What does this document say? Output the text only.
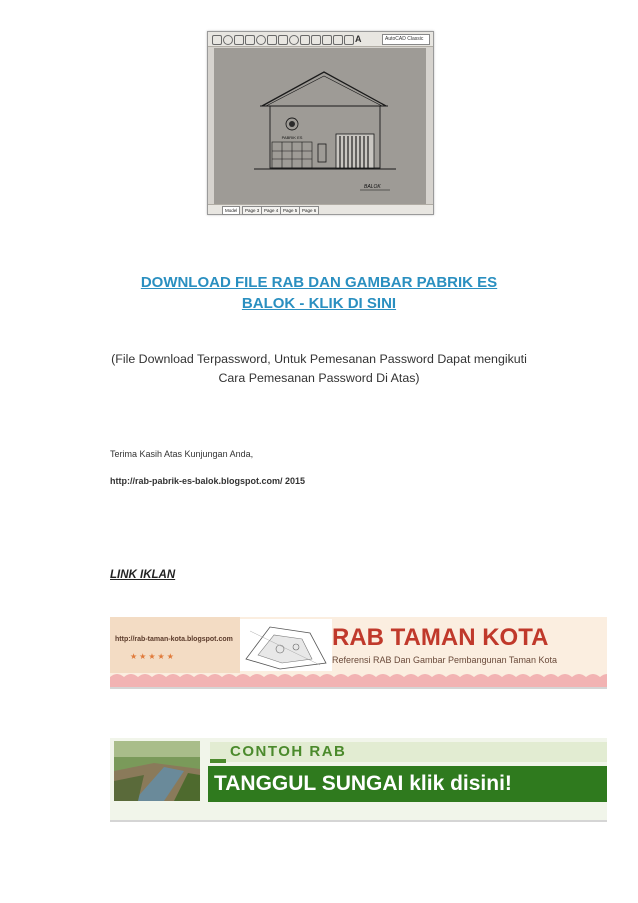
A	AutoCAD Classic
PABRIK ES
BALOK
Model	Page 3	Page 4	Page 5	Page 6
DOWNLOAD FILE RAB DAN GAMBAR PABRIK ES
BALOK - KLIK DI SINI
(File Download Terpassword, Untuk Pemesanan Password Dapat mengikuti
Cara Pemesanan Password Di Atas)
Terima Kasih Atas Kunjungan Anda,
http://rab-pabrik-es-balok.blogspot.com/ 2015
LINK IKLAN
http://rab-taman-kota.blogspot.com
★★★★★
RAB TAMAN KOTA
Referensi RAB Dan Gambar Pembangunan Taman Kota
CONTOH RAB
TANGGUL SUNGAI klik disini!
